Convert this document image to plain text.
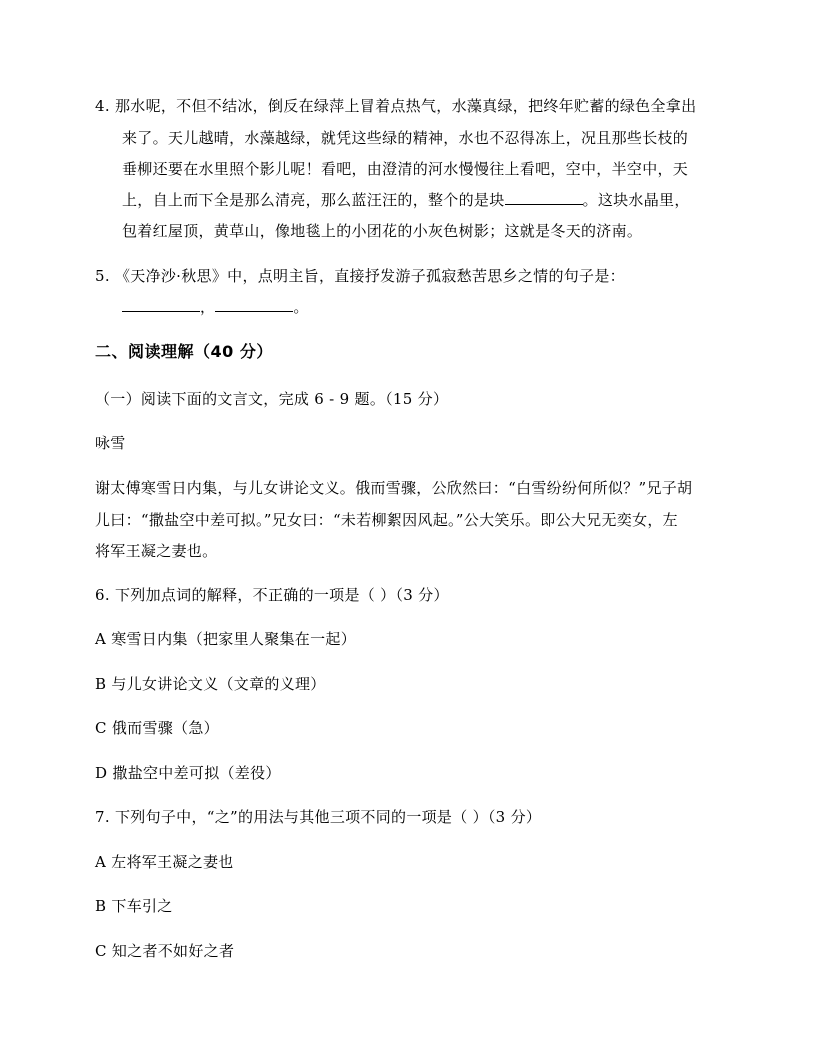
4. 那水呢，不但不结冰，倒反在绿萍上冒着点热气，水藻真绿，把终年贮蓄的绿色全拿出
来了。天儿越晴，水藻越绿，就凭这些绿的精神，水也不忍得冻上，况且那些长枝的
垂柳还要在水里照个影儿呢！看吧，由澄清的河水慢慢往上看吧，空中，半空中，天
上，自上而下全是那么清亮，那么蓝汪汪的，整个的是块	。这块水晶里，
包着红屋顶，黄草山，像地毯上的小团花的小灰色树影；这就是冬天的济南。
5. 《天净沙·秋思》中，点明主旨，直接抒发游子孤寂愁苦思乡之情的句子是：
，	。
二、阅读理解（40 分）
（一）阅读下面的文言文，完成 6 - 9 题。（15 分）
咏雪
谢太傅寒雪日内集，与儿女讲论文义。俄而雪骤，公欣然曰：“白雪纷纷何所似？”兄子胡
儿曰：“撒盐空中差可拟。”兄女曰：“未若柳絮因风起。”公大笑乐。即公大兄无奕女，左
将军王凝之妻也。
6. 下列加点词的解释，不正确的一项是（ ）（3 分）
A 寒雪日内集（把家里人聚集在一起）
B 与儿女讲论文义（文章的义理）
C 俄而雪骤（急）
D 撒盐空中差可拟（差役）
7. 下列句子中，“之”的用法与其他三项不同的一项是（ ）（3 分）
A 左将军王凝之妻也
B 下车引之
C 知之者不如好之者
